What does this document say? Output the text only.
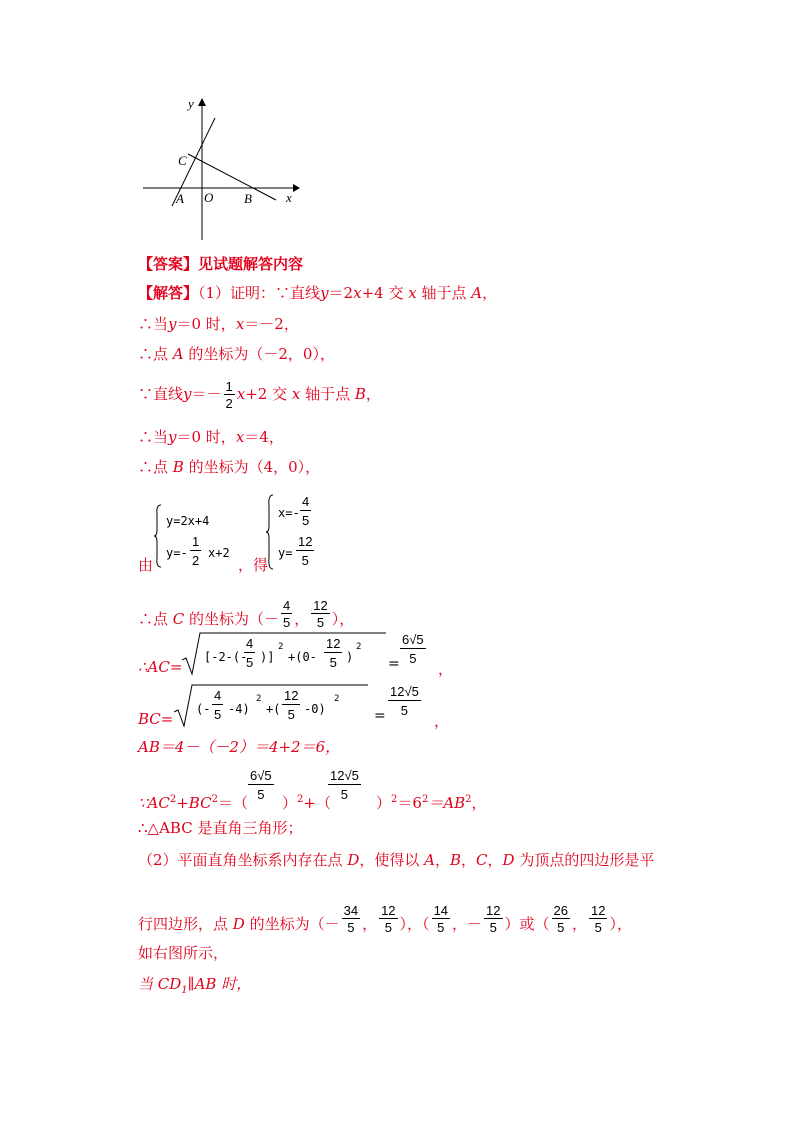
y
x
O
A	B
C
【答案】见试题解答内容
【解答】（1）证明：∵直线y＝2x+4 交 x 轴于点 A，
∴当y＝0 时，x＝－2，
∴点 A 的坐标为（－2，0），
∵直线$y=- \frac{1}{2} x+2$ 交 x 轴于点 B，
∴当y＝0 时，x＝4，
∴点 B 的坐标为（4，0），
由
y=2x+4
$y=- \frac{1}{2} x+2$
，得
$x=- \frac{4}{5}$
$y= \frac{12}{5}$
∴点 C 的坐标为（－ $\frac{4}{5}$ ， $\frac{12}{5}$ ），
∴AC=
[-2-(-
$\frac{4}{5}$ )]
2
$+(0- \frac{12}{5}$ )
2
= $\frac{6√5}{5}$
，
BC=
(- $\frac{4}{5} -4$)
2
+( $\frac{12}{5} -0$)
2
= $\frac{12√5}{5}$
，
AB＝4－（－2）＝4+2＝6，
$\because AC^2+BC^2=$（
$\frac{6√5}{5}$
）$^2$+（
$\frac{12√5}{5}$
）$^2=6^2=AB^2$，
∴△ABC 是直角三角形；
（2）平面直角坐标系内存在点 D，使得以 A，B，C，D 为顶点的四边形是平
行四边形，点 D 的坐标为（－ $\frac{34}{5}$ ， $\frac{12}{5}$ ），（ $\frac{14}{5}$ ，－ $\frac{12}{5}$ ）或（ $\frac{26}{5}$ ， $\frac{12}{5}$ ），
如右图所示，
当 $CD_1\parallel AB$ 时，
